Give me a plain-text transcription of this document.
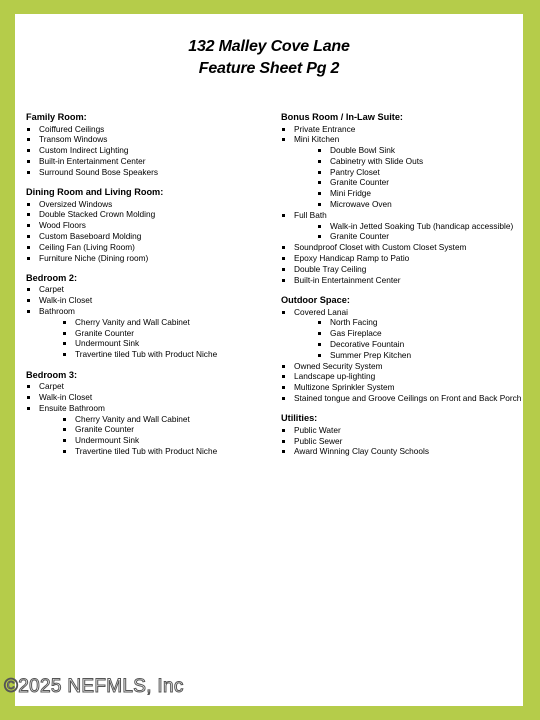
132 Malley Cove Lane
Feature Sheet Pg 2
Family Room:
Coiffured Ceilings
Transom Windows
Custom Indirect Lighting
Built-in Entertainment Center
Surround Sound Bose Speakers
Dining Room and Living Room:
Oversized Windows
Double Stacked Crown Molding
Wood Floors
Custom Baseboard Molding
Ceiling Fan (Living Room)
Furniture Niche (Dining room)
Bedroom 2:
Carpet
Walk-in Closet
Bathroom
Cherry Vanity and Wall Cabinet
Granite Counter
Undermount Sink
Travertine tiled Tub with Product Niche
Bedroom 3:
Carpet
Walk-in Closet
Ensuite Bathroom
Cherry Vanity and Wall Cabinet
Granite Counter
Undermount Sink
Travertine tiled Tub with Product Niche
Bonus Room / In-Law Suite:
Private Entrance
Mini Kitchen
Double Bowl Sink
Cabinetry with Slide Outs
Pantry Closet
Granite Counter
Mini Fridge
Microwave Oven
Full Bath
Walk-in Jetted Soaking Tub (handicap accessible)
Granite Counter
Soundproof Closet with Custom Closet System
Epoxy Handicap Ramp to Patio
Double Tray Ceiling
Built-in Entertainment Center
Outdoor Space:
Covered Lanai
North Facing
Gas Fireplace
Decorative Fountain
Summer Prep Kitchen
Owned Security System
Landscape up-lighting
Multizone Sprinkler System
Stained tongue and Groove Ceilings on Front and Back Porch
Utilities:
Public Water
Public Sewer
Award Winning Clay County Schools
©2025 NEFMLS, Inc
